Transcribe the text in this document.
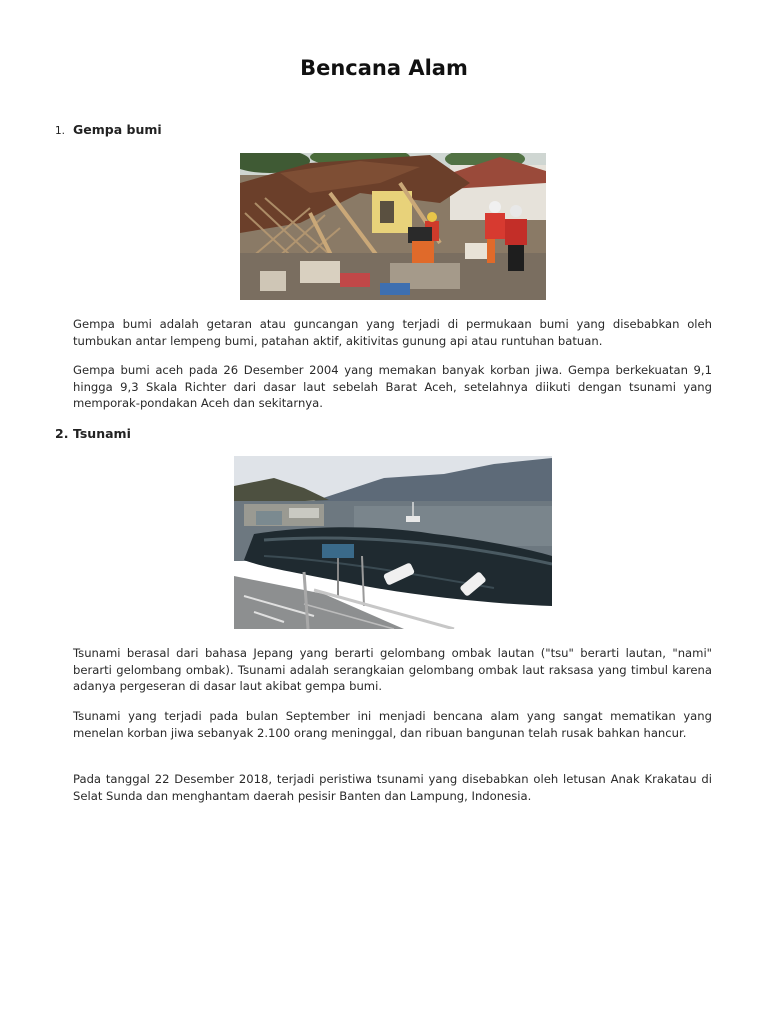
Bencana Alam
1. Gempa bumi

Gempa bumi adalah getaran atau guncangan yang terjadi di permukaan bumi yang disebabkan oleh tumbukan antar lempeng bumi, patahan aktif, akitivitas gunung api atau runtuhan batuan.

Gempa bumi aceh pada 26 Desember 2004 yang memakan banyak korban jiwa. Gempa berkekuatan 9,1 hingga 9,3 Skala Richter dari dasar laut sebelah Barat Aceh, setelahnya diikuti dengan tsunami yang memporak-pondakan Aceh dan sekitarnya.

2. Tsunami

Tsunami berasal dari bahasa Jepang yang berarti gelombang ombak lautan ("tsu" berarti lautan, "nami" berarti gelombang ombak). Tsunami adalah serangkaian gelombang ombak laut raksasa yang timbul karena adanya pergeseran di dasar laut akibat gempa bumi.

Tsunami yang terjadi pada bulan September ini menjadi bencana alam yang sangat mematikan yang menelan korban jiwa sebanyak 2.100 orang meninggal, dan ribuan bangunan telah rusak bahkan hancur.

Pada tanggal 22 Desember 2018, terjadi peristiwa tsunami yang disebabkan oleh letusan Anak Krakatau di Selat Sunda dan menghantam daerah pesisir Banten dan Lampung, Indonesia.
